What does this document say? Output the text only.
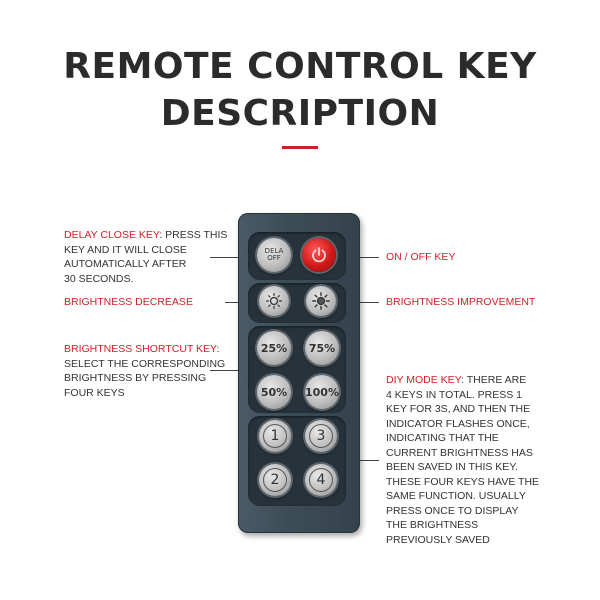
REMOTE CONTROL KEY
DESCRIPTION
DELAY CLOSE KEY: PRESS THIS
KEY AND IT WILL CLOSE
AUTOMATICALLY AFTER
30 SECONDS.
BRIGHTNESS DECREASE
BRIGHTNESS SHORTCUT KEY:
SELECT THE CORRESPONDING
BRIGHTNESS BY PRESSING
FOUR KEYS
ON / OFF KEY
BRIGHTNESS IMPROVEMENT
DIY MODE KEY: THERE ARE
4 KEYS IN TOTAL. PRESS 1
KEY FOR 3S, AND THEN THE
INDICATOR FLASHES ONCE,
INDICATING THAT THE
CURRENT BRIGHTNESS HAS
BEEN SAVED IN THIS KEY.
THESE FOUR KEYS HAVE THE
SAME FUNCTION. USUALLY
PRESS ONCE TO DISPLAY
THE BRIGHTNESS
PREVIOUSLY SAVED
DELA
OFF
25% 75%
50% 100%
1	3
2	4
